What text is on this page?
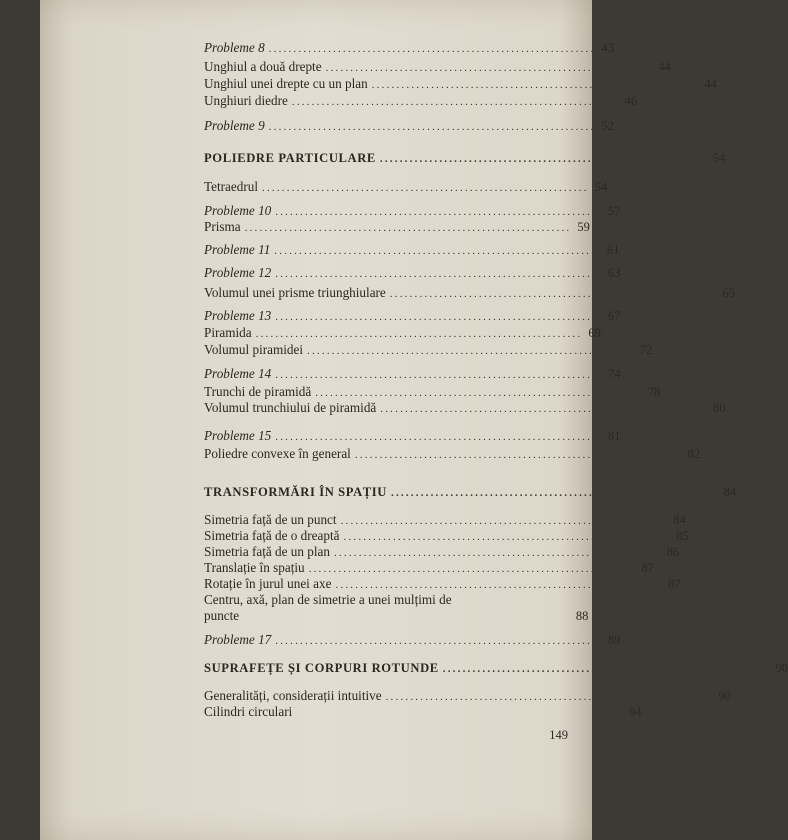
Probleme 8 .................................................................. 43
Unghiul a două drepte .................................................................. 44
Unghiul unei drepte cu un plan .................................................................. 44
Unghiuri diedre .................................................................. 46
Probleme 9 .................................................................. 52
POLIEDRE PARTICULARE .................................................................. 54
Tetraedrul .................................................................. 54
Probleme 10 .................................................................. 57
Prisma .................................................................. 59
Probleme 11 .................................................................. 61
Probleme 12 .................................................................. 63
Volumul unei prisme triunghiulare .................................................................. 65
Probleme 13 .................................................................. 67
Piramida .................................................................. 69
Volumul piramidei .................................................................. 72
Probleme 14 .................................................................. 74
Trunchi de piramidă .................................................................. 78
Volumul trunchiului de piramidă .................................................................. 80
Probleme 15 .................................................................. 81
Poliedre convexe în general .................................................................. 82
TRANSFORMĂRI ÎN SPAȚIU .................................................................. 84
Simetria față de un punct .................................................................. 84
Simetria față de o dreaptă .................................................................. 85
Simetria față de un plan .................................................................. 86
Translație în spațiu .................................................................. 87
Rotație în jurul unei axe .................................................................. 87
Centru, axă, plan de simetrie a unei mulțimi de
puncte	88
Probleme 17 .................................................................. 89
SUPRAFEȚE ȘI CORPURI ROTUNDE .................................................................. 90
Generalități, considerații intuitive .................................................................. 90
Cilindri circulari	94
149
